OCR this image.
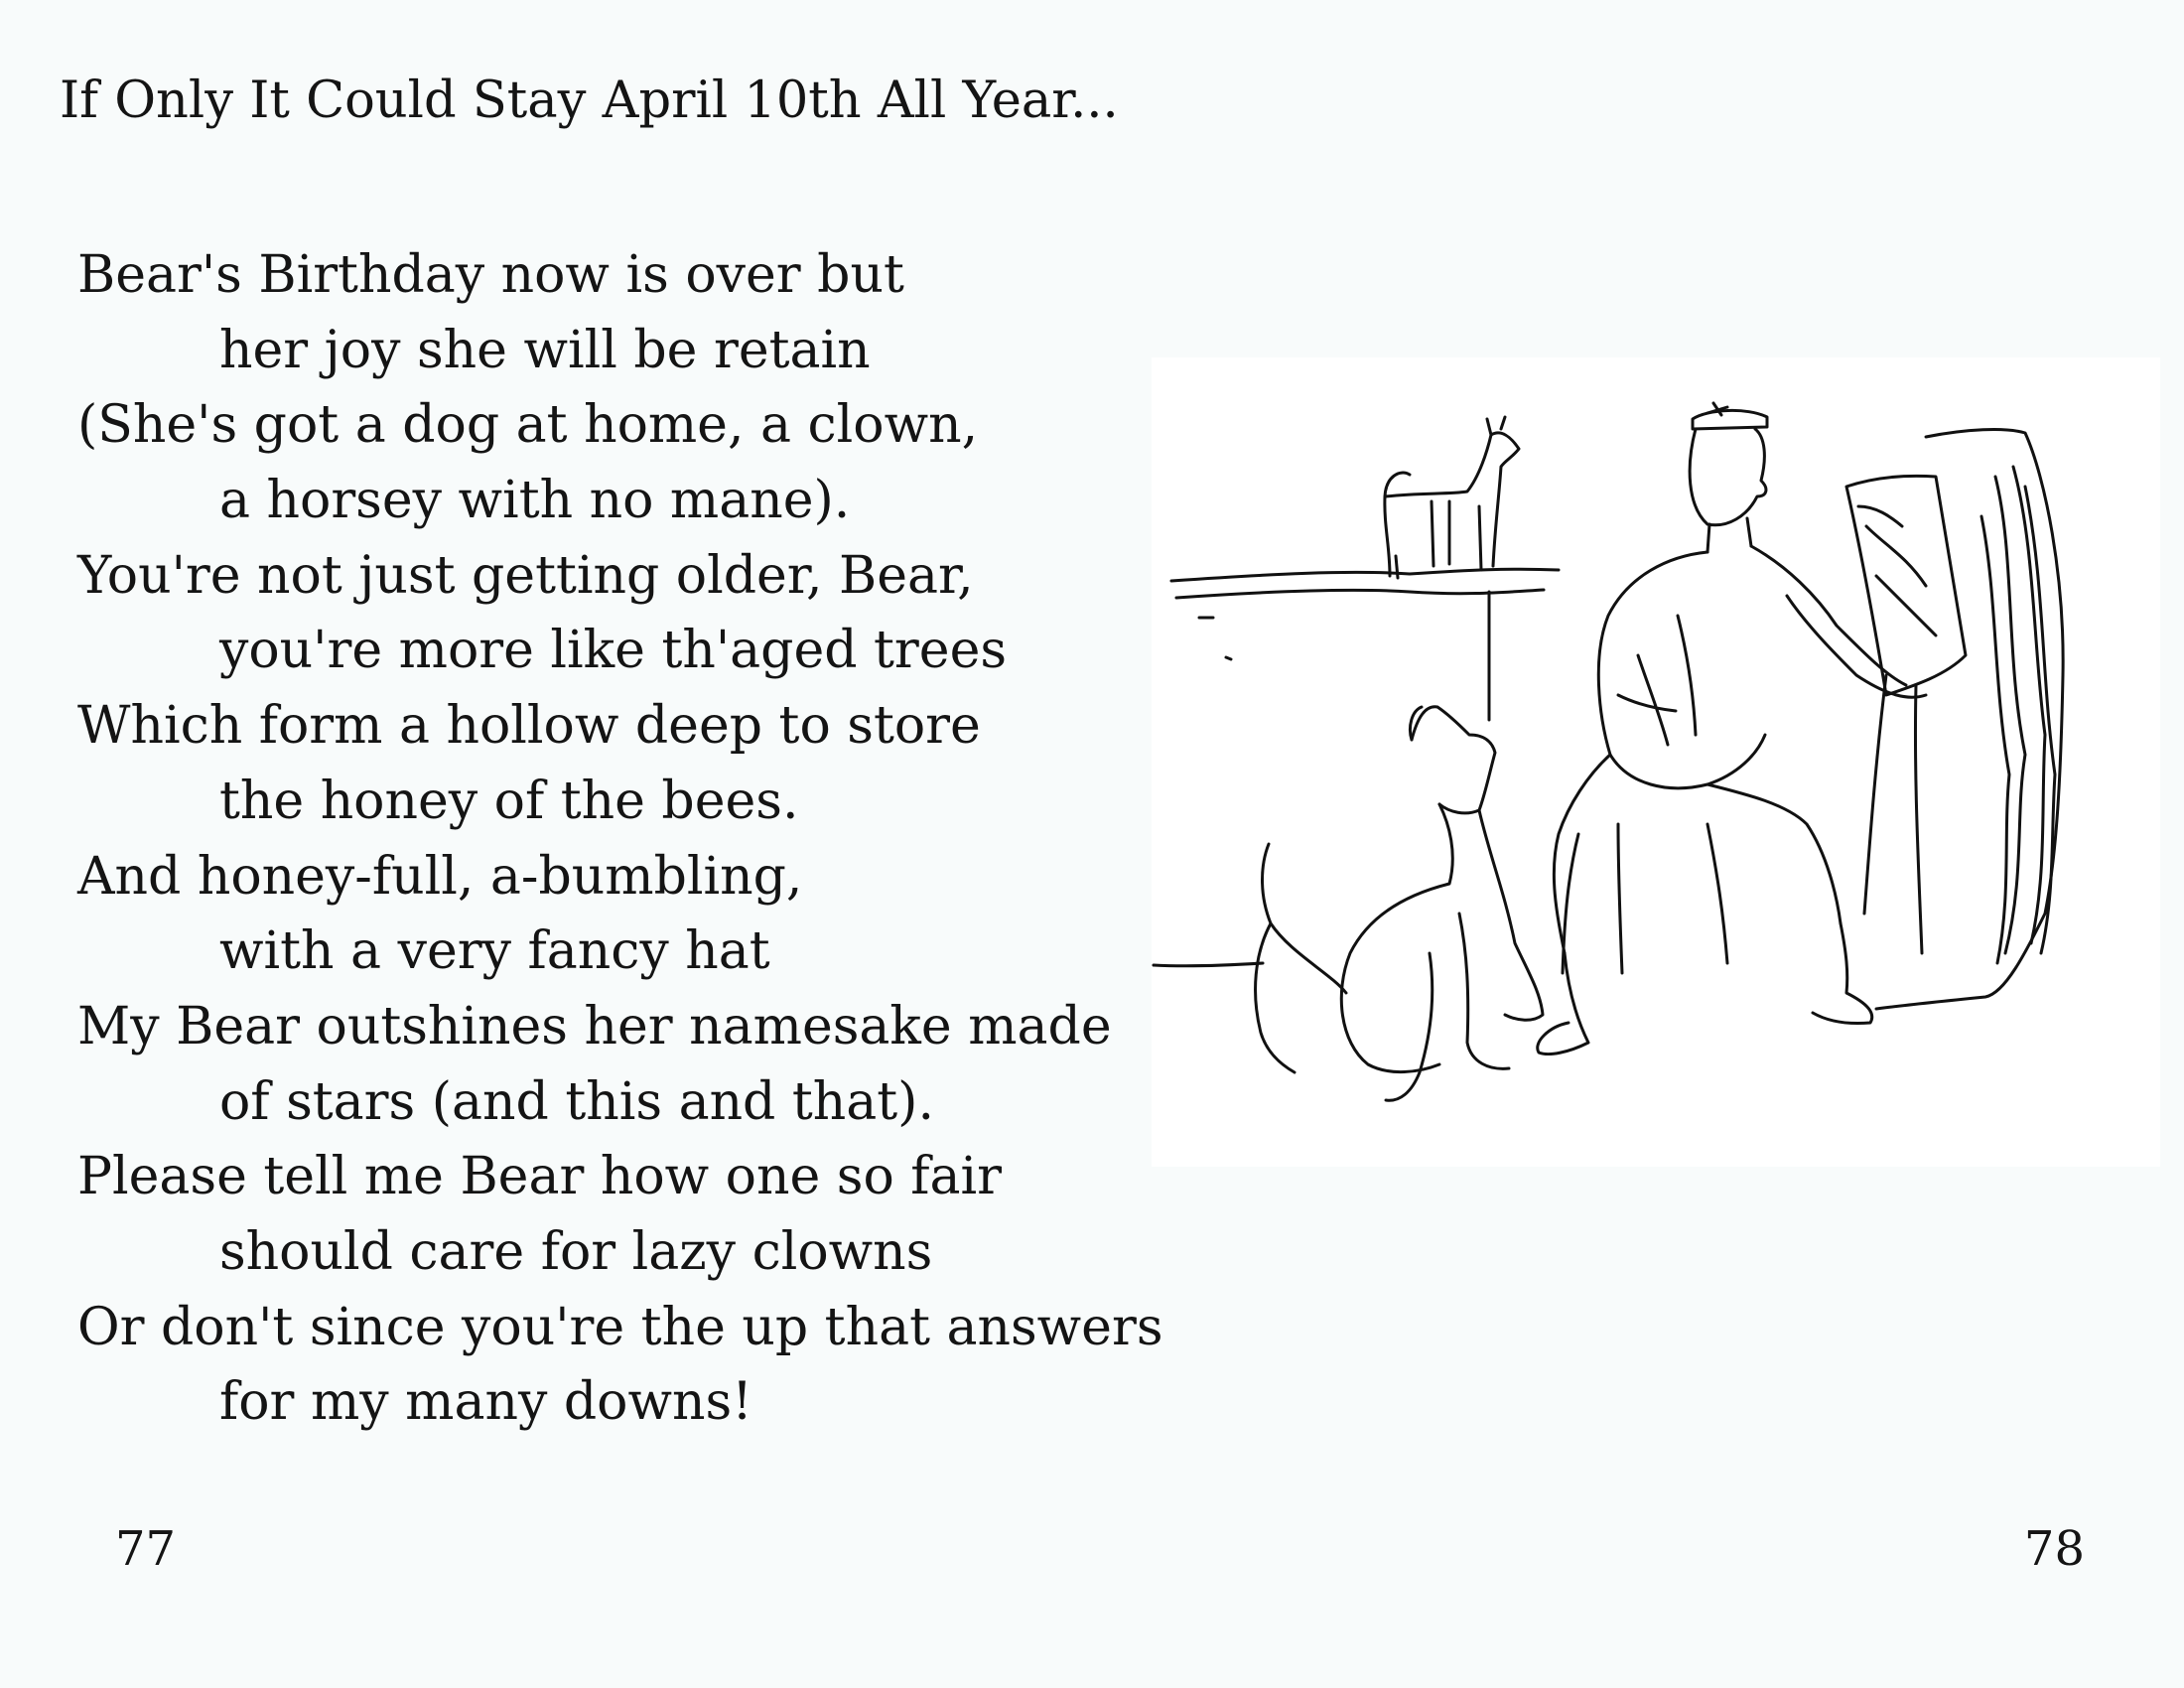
If Only It Could Stay April 10th All Year...
Bear's Birthday now is over but
her joy she will be retain
(She's got a dog at home, a clown,
a horsey with no mane).
You're not just getting older, Bear,
you're more like th'aged trees
Which form a hollow deep to store
the honey of the bees.
And honey-full, a-bumbling,
with a very fancy hat
My Bear outshines her namesake made
of stars (and this and that).
Please tell me Bear how one so fair
should care for lazy clowns
Or don't since you're the up that answers
for my many downs!
77	78
